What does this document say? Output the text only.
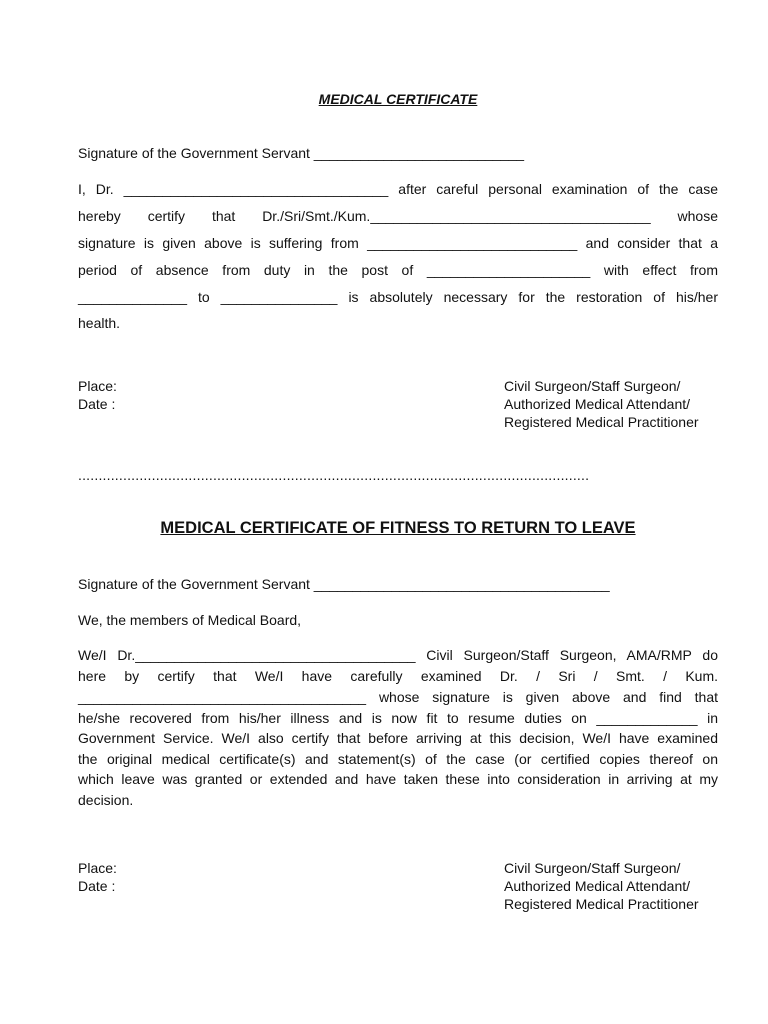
MEDICAL CERTIFICATE
Signature of the Government Servant ___________________________
I, Dr. __________________________________ after careful personal examination of the case
hereby certify that Dr./Sri/Smt./Kum.____________________________________ whose
signature is given above is suffering from ___________________________ and consider that a
period of absence from duty in the post of _____________________ with effect from
______________ to _______________ is absolutely necessary for the restoration of his/her
health.
Place:
Date :
Civil Surgeon/Staff Surgeon/
Authorized Medical Attendant/
Registered Medical Practitioner
.............................................................................................................................
MEDICAL CERTIFICATE OF FITNESS TO RETURN TO LEAVE
Signature of the Government Servant ______________________________________
We, the members of Medical Board,
We/I Dr.____________________________________ Civil Surgeon/Staff Surgeon, AMA/RMP do
here by certify that We/I have carefully examined Dr. / Sri / Smt. / Kum.
_____________________________________ whose signature is given above and find that
he/she recovered from his/her illness and is now fit to resume duties on _____________ in
Government Service. We/I also certify that before arriving at this decision, We/I have examined
the original medical certificate(s) and statement(s) of the case (or certified copies thereof on
which leave was granted or extended and have taken these into consideration in arriving at my
decision.
Place:
Date :
Civil Surgeon/Staff Surgeon/
Authorized Medical Attendant/
Registered Medical Practitioner
